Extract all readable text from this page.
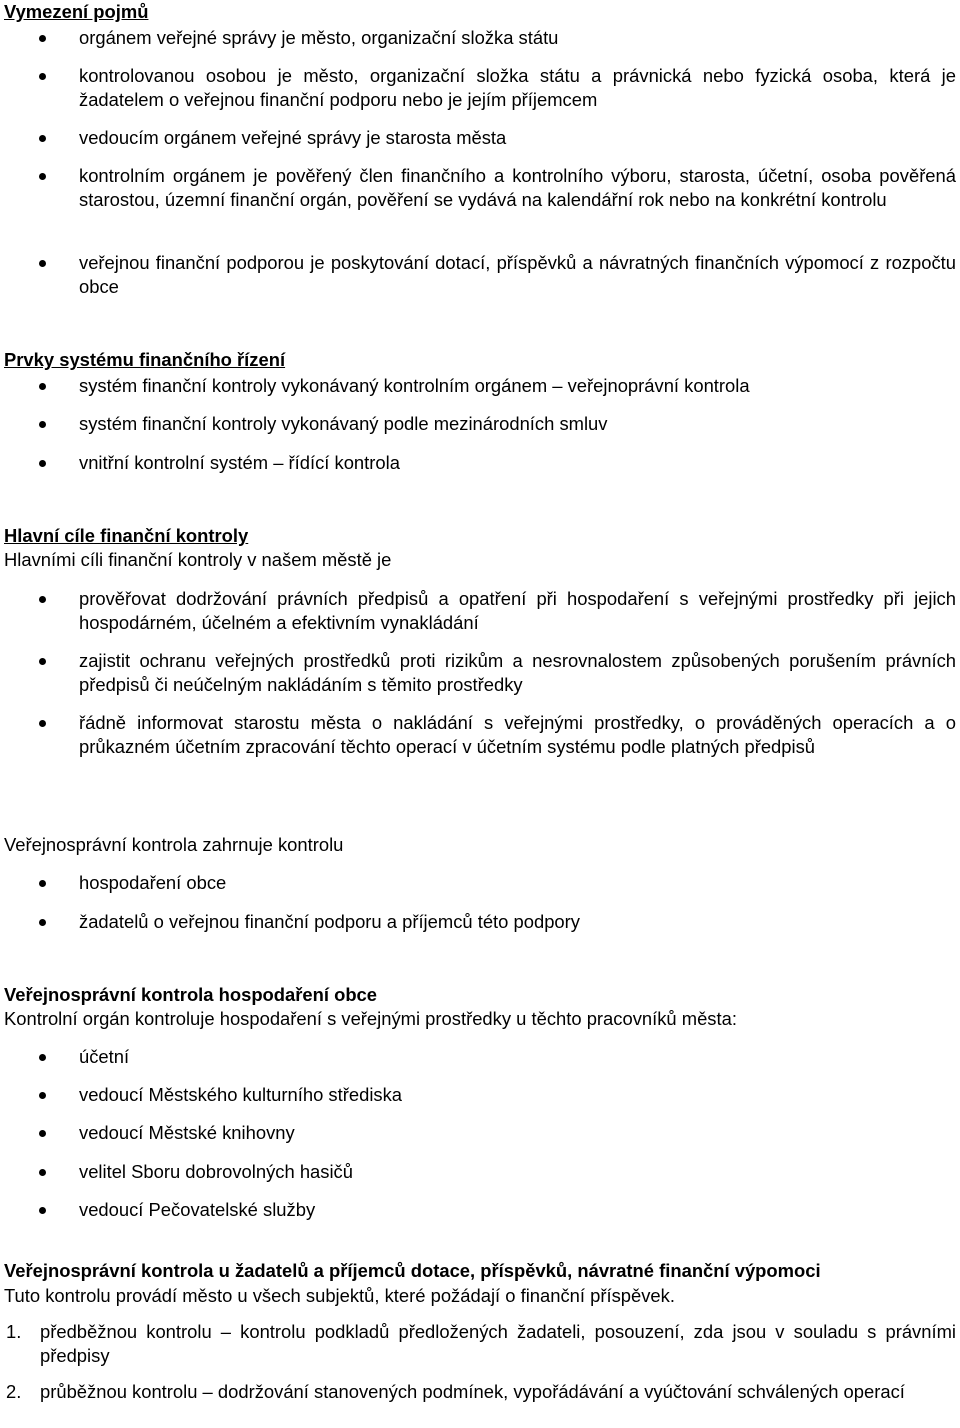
Vymezení pojmů
orgánem veřejné správy je město, organizační složka státu
kontrolovanou osobou je město, organizační složka státu a právnická nebo fyzická osoba, která je žadatelem o veřejnou finanční podporu nebo je jejím příjemcem
vedoucím orgánem veřejné správy je starosta města
kontrolním orgánem je pověřený člen finančního a kontrolního výboru, starosta, účetní, osoba pověřená starostou, územní finanční orgán, pověření se vydává na kalendářní rok nebo na konkrétní kontrolu
veřejnou finanční podporou je poskytování dotací, příspěvků a návratných finančních výpomocí z rozpočtu obce
Prvky systému finančního řízení
systém finanční kontroly vykonávaný kontrolním orgánem – veřejnoprávní kontrola
systém finanční kontroly vykonávaný podle mezinárodních smluv
vnitřní kontrolní systém – řídící kontrola
Hlavní cíle finanční kontroly
Hlavními cíli finanční kontroly v našem městě je
prověřovat dodržování právních předpisů a opatření při hospodaření s veřejnými prostředky při jejich hospodárném, účelném a efektivním vynakládání
zajistit ochranu veřejných prostředků proti rizikům a nesrovnalostem způsobených porušením právních předpisů či neúčelným nakládáním s těmito prostředky
řádně informovat starostu města o nakládání s veřejnými prostředky, o prováděných operacích a o průkazném účetním zpracování těchto operací v účetním systému podle platných předpisů
Veřejnosprávní kontrola zahrnuje kontrolu
hospodaření obce
žadatelů o veřejnou finanční podporu a příjemců této podpory
Veřejnosprávní kontrola hospodaření obce
Kontrolní orgán kontroluje hospodaření s veřejnými prostředky u těchto pracovníků města:
účetní
vedoucí Městského kulturního střediska
vedoucí Městské knihovny
velitel Sboru dobrovolných hasičů
vedoucí Pečovatelské služby
Veřejnosprávní kontrola u žadatelů a příjemců dotace, příspěvků, návratné finanční výpomoci
Tuto kontrolu provádí město u všech subjektů, které požádají o finanční příspěvek.
1. předběžnou kontrolu – kontrolu podkladů předložených žadateli, posouzení, zda jsou v souladu s právními předpisy
2. průběžnou kontrolu – dodržování stanovených podmínek, vypořádávání a vyúčtování schválených operací
